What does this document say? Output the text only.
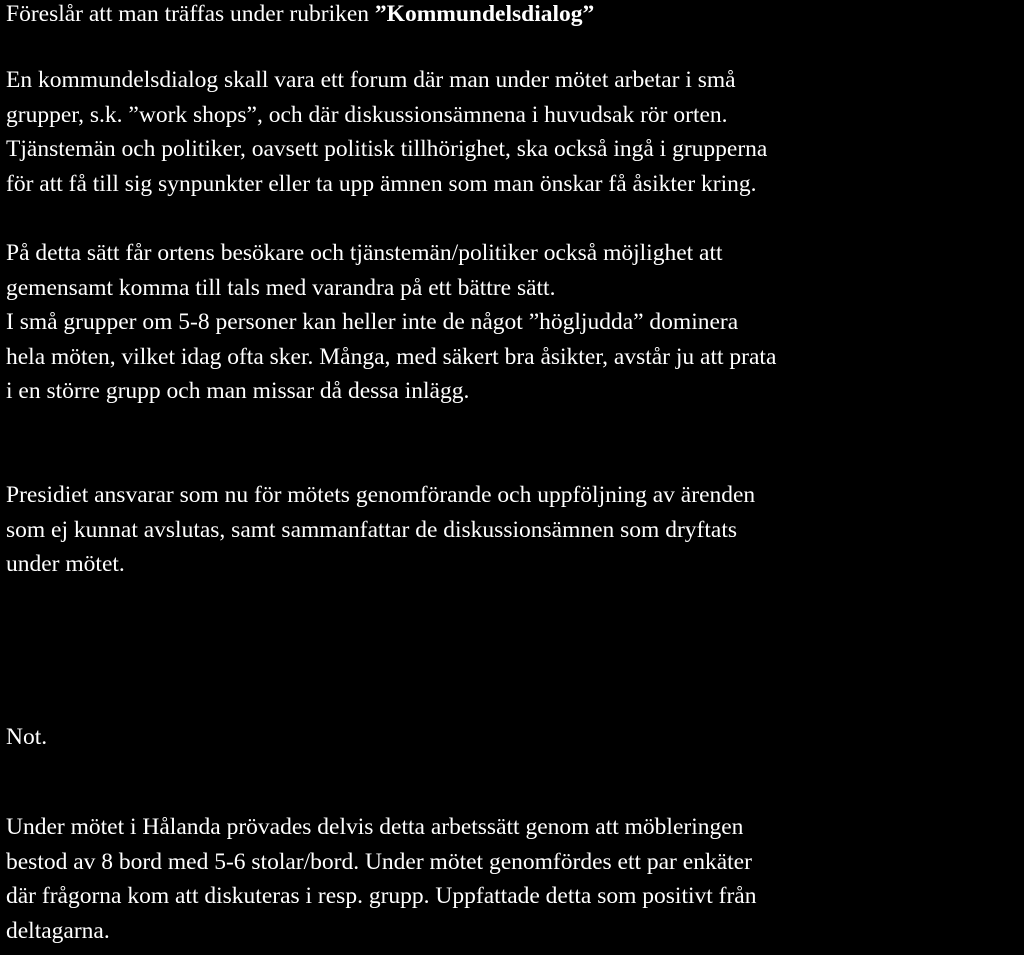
Föreslår att man träffas under rubriken ”Kommundelsdialog”

En kommundelsdialog skall vara ett forum där man under mötet arbetar i små
grupper, s.k. ”work shops”, och där diskussionsämnena i huvudsak rör orten.
Tjänstemän och politiker, oavsett politisk tillhörighet, ska också ingå i grupperna
för att få till sig synpunkter eller ta upp ämnen som man önskar få åsikter kring.

På detta sätt får ortens besökare och tjänstemän/politiker också möjlighet att
gemensamt komma till tals med varandra på ett bättre sätt.
I små grupper om 5-8 personer kan heller inte de något ”högljudda” dominera
hela möten, vilket idag ofta sker. Många, med säkert bra åsikter, avstår ju att prata
i en större grupp och man missar då dessa inlägg.

Presidiet ansvarar som nu för mötets genomförande och uppföljning av ärenden
som ej kunnat avslutas, samt sammanfattar de diskussionsämnen som dryftats
under mötet.

Not.

Under mötet i Hålanda prövades delvis detta arbetssätt genom att möbleringen
bestod av 8 bord med 5-6 stolar/bord. Under mötet genomfördes ett par enkäter
där frågorna kom att diskuteras i resp. grupp. Uppfattade detta som positivt från
deltagarna.
